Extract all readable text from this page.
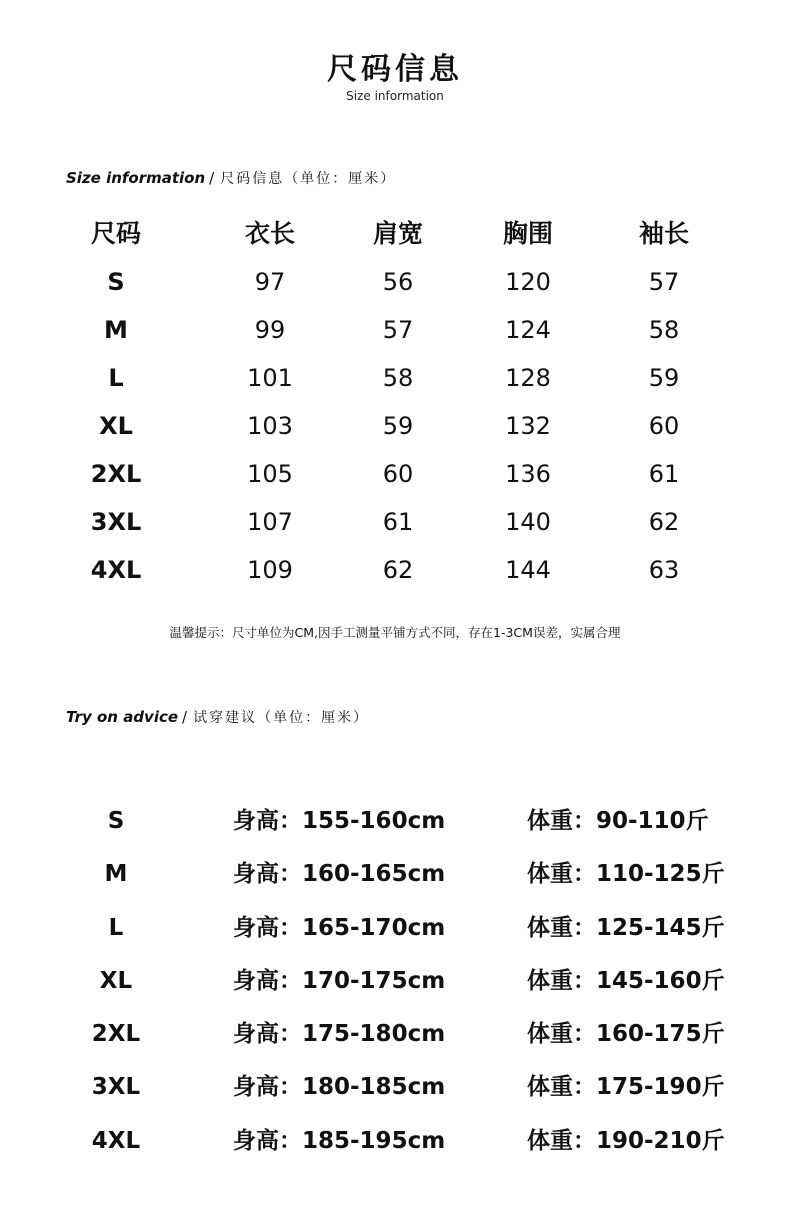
尺码信息
Size information
Size information / 尺码信息（单位：厘米）
尺码	衣长	肩宽	胸围	袖长
S	97	56	120	57
M	99	57	124	58
L	101	58	128	59
XL	103	59	132	60
2XL	105	60	136	61
3XL	107	61	140	62
4XL	109	62	144	63
温馨提示：尺寸单位为CM,因手工测量平铺方式不同，存在1-3CM误差，实属合理
Try on advice / 试穿建议（单位：厘米）
S	身高：155-160cm	体重：90-110斤
M	身高：160-165cm	体重：110-125斤
L	身高：165-170cm	体重：125-145斤
XL	身高：170-175cm	体重：145-160斤
2XL	身高：175-180cm	体重：160-175斤
3XL	身高：180-185cm	体重：175-190斤
4XL	身高：185-195cm	体重：190-210斤
